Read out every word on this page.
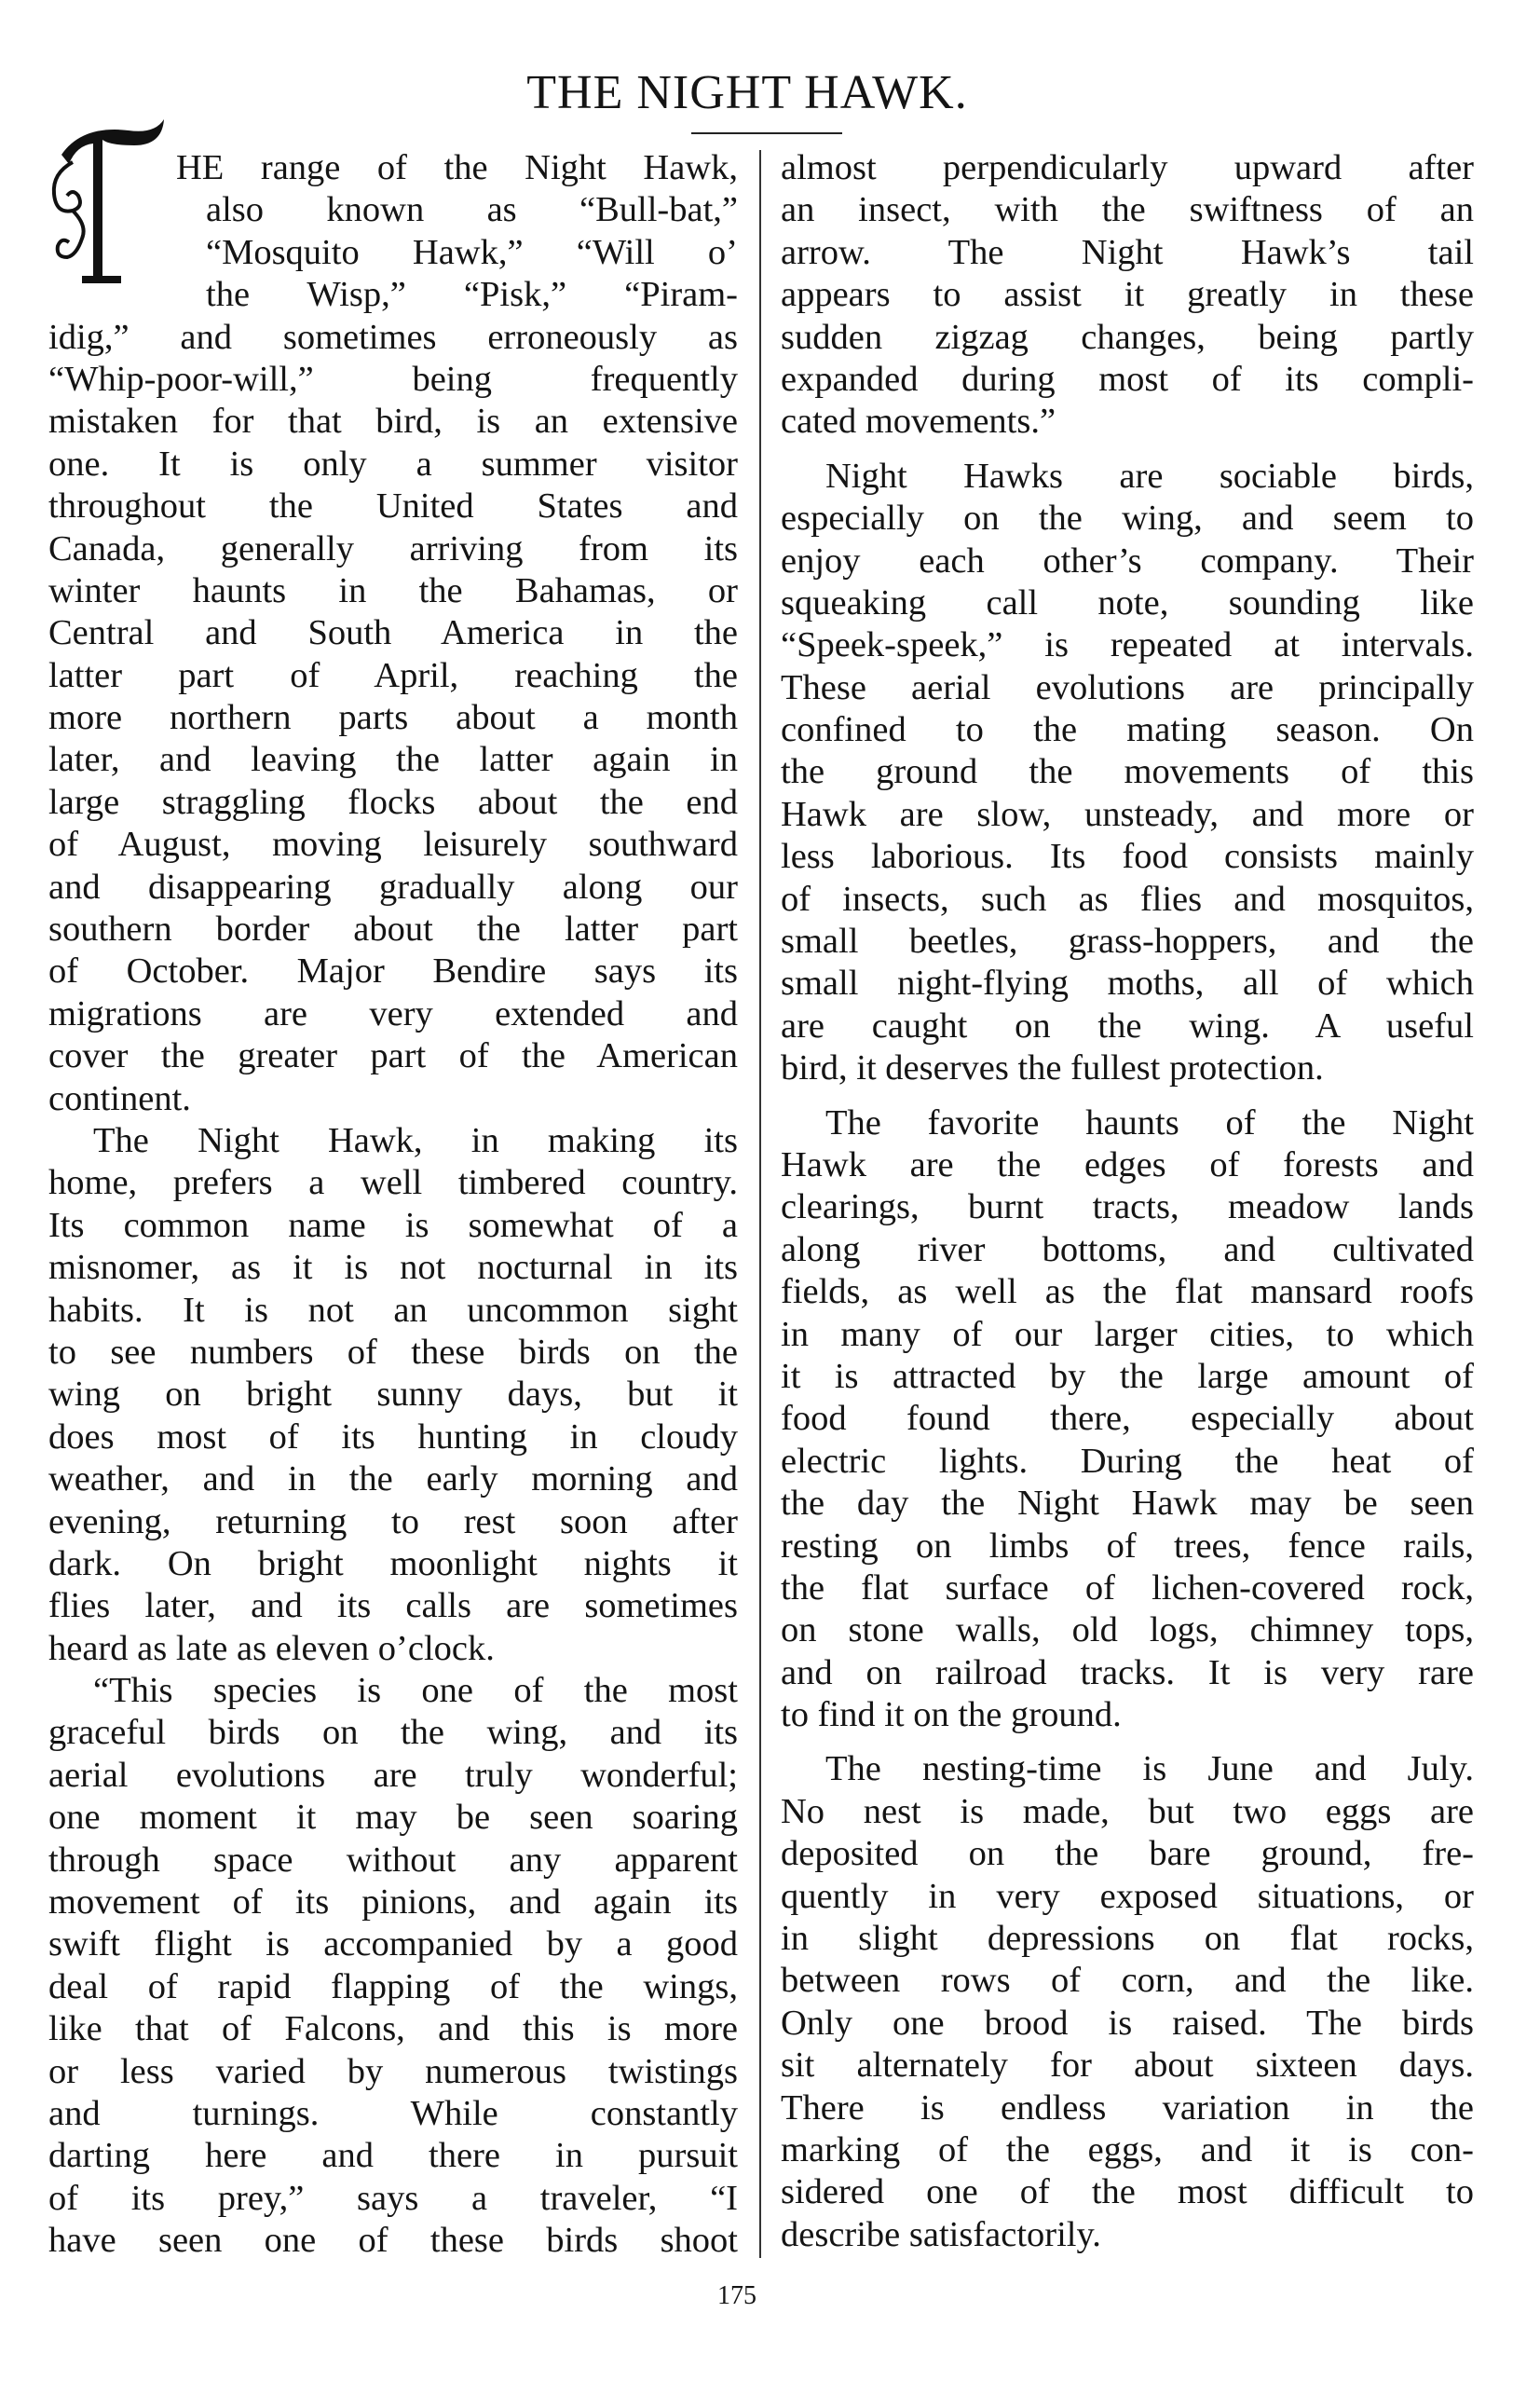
THE NIGHT HAWK.
HE range of the Night Hawk,
also known as “Bull-bat,”
“Mosquito Hawk,” “Will o’
the Wisp,” “Pisk,” “Piram-
idig,” and sometimes erroneously as
“Whip-poor-will,” being frequently
mistaken for that bird, is an extensive
one. It is only a summer visitor
throughout the United States and
Canada, generally arriving from its
winter haunts in the Bahamas, or
Central and South America in the
latter part of April, reaching the
more northern parts about a month
later, and leaving the latter again in
large straggling flocks about the end
of August, moving leisurely southward
and disappearing gradually along our
southern border about the latter part
of October. Major Bendire says its
migrations are very extended and
cover the greater part of the American
continent.
The Night Hawk, in making its
home, prefers a well timbered country.
Its common name is somewhat of a
misnomer, as it is not nocturnal in its
habits. It is not an uncommon sight
to see numbers of these birds on the
wing on bright sunny days, but it
does most of its hunting in cloudy
weather, and in the early morning and
evening, returning to rest soon after
dark. On bright moonlight nights it
flies later, and its calls are sometimes
heard as late as eleven o’clock.
“This species is one of the most
graceful birds on the wing, and its
aerial evolutions are truly wonderful;
one moment it may be seen soaring
through space without any apparent
movement of its pinions, and again its
swift flight is accompanied by a good
deal of rapid flapping of the wings,
like that of Falcons, and this is more
or less varied by numerous twistings
and turnings. While constantly
darting here and there in pursuit
of its prey,” says a traveler, “I
have seen one of these birds shoot
almost perpendicularly upward after
an insect, with the swiftness of an
arrow. The Night Hawk’s tail
appears to assist it greatly in these
sudden zigzag changes, being partly
expanded during most of its compli-
cated movements.”
Night Hawks are sociable birds,
especially on the wing, and seem to
enjoy each other’s company. Their
squeaking call note, sounding like
“Speek-speek,” is repeated at intervals.
These aerial evolutions are principally
confined to the mating season. On
the ground the movements of this
Hawk are slow, unsteady, and more or
less laborious. Its food consists mainly
of insects, such as flies and mosquitos,
small beetles, grass-hoppers, and the
small night-flying moths, all of which
are caught on the wing. A useful
bird, it deserves the fullest protection.
The favorite haunts of the Night
Hawk are the edges of forests and
clearings, burnt tracts, meadow lands
along river bottoms, and cultivated
fields, as well as the flat mansard roofs
in many of our larger cities, to which
it is attracted by the large amount of
food found there, especially about
electric lights. During the heat of
the day the Night Hawk may be seen
resting on limbs of trees, fence rails,
the flat surface of lichen-covered rock,
on stone walls, old logs, chimney tops,
and on railroad tracks. It is very rare
to find it on the ground.
The nesting-time is June and July.
No nest is made, but two eggs are
deposited on the bare ground, fre-
quently in very exposed situations, or
in slight depressions on flat rocks,
between rows of corn, and the like.
Only one brood is raised. The birds
sit alternately for about sixteen days.
There is endless variation in the
marking of the eggs, and it is con-
sidered one of the most difficult to
describe satisfactorily.
175
